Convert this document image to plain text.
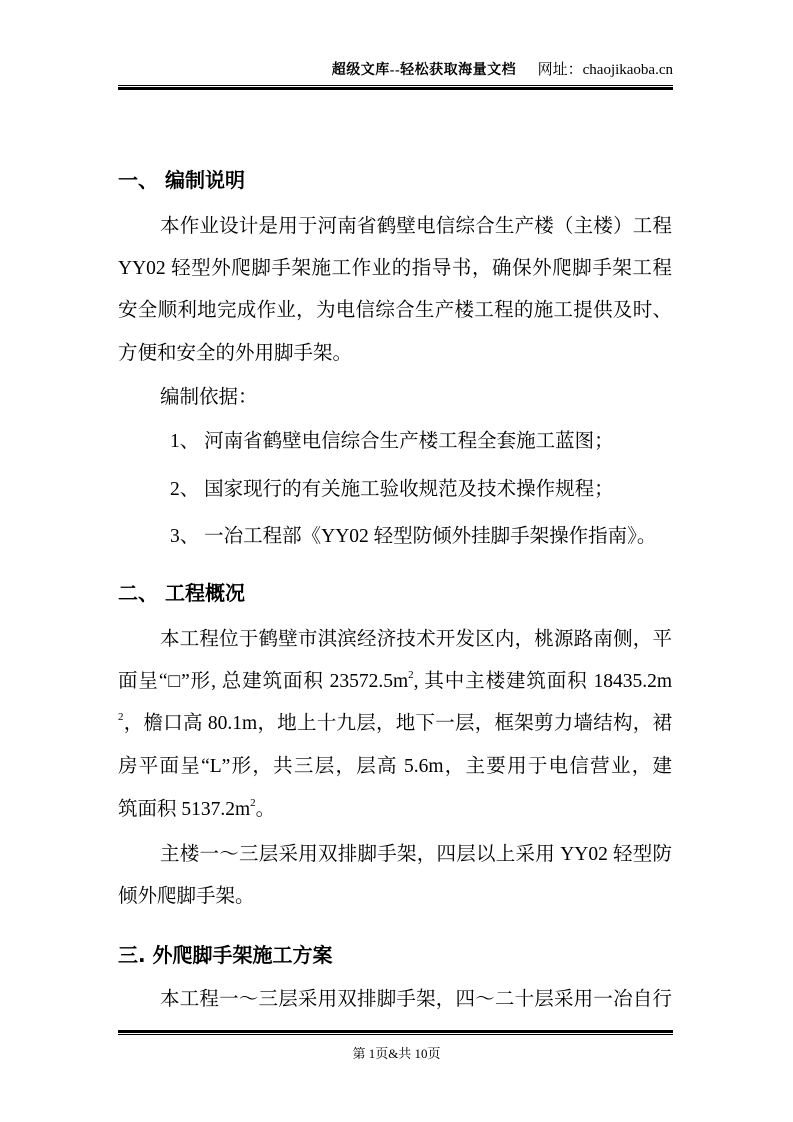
超级文库--轻松获取海量文档 网址：chaojikaoba.cn
一、 编制说明
本作业设计是用于河南省鹤壁电信综合生产楼（主楼）工程
YY02 轻型外爬脚手架施工作业的指导书，确保外爬脚手架工程
安全顺利地完成作业，为电信综合生产楼工程的施工提供及时、
方便和安全的外用脚手架。
编制依据：
1、 河南省鹤壁电信综合生产楼工程全套施工蓝图；
2、 国家现行的有关施工验收规范及技术操作规程；
3、 一冶工程部《YY02 轻型防倾外挂脚手架操作指南》。
二、 工程概况
本工程位于鹤壁市淇滨经济技术开发区内，桃源路南侧，平
面呈“□”形, 总建筑面积 $23572.5m^2$, 其中主楼建筑面积 18435.2m
$^2$，檐口高 80.1m，地上十九层，地下一层，框架剪力墙结构，裙
房平面呈“L”形，共三层，层高 5.6m，主要用于电信营业，建
筑面积 $5137.2m^2$。
主楼一～三层采用双排脚手架，四层以上采用 YY02 轻型防
倾外爬脚手架。
三. 外爬脚手架施工方案
本工程一～三层采用双排脚手架，四～二十层采用一冶自行
第 1页&共 10页
